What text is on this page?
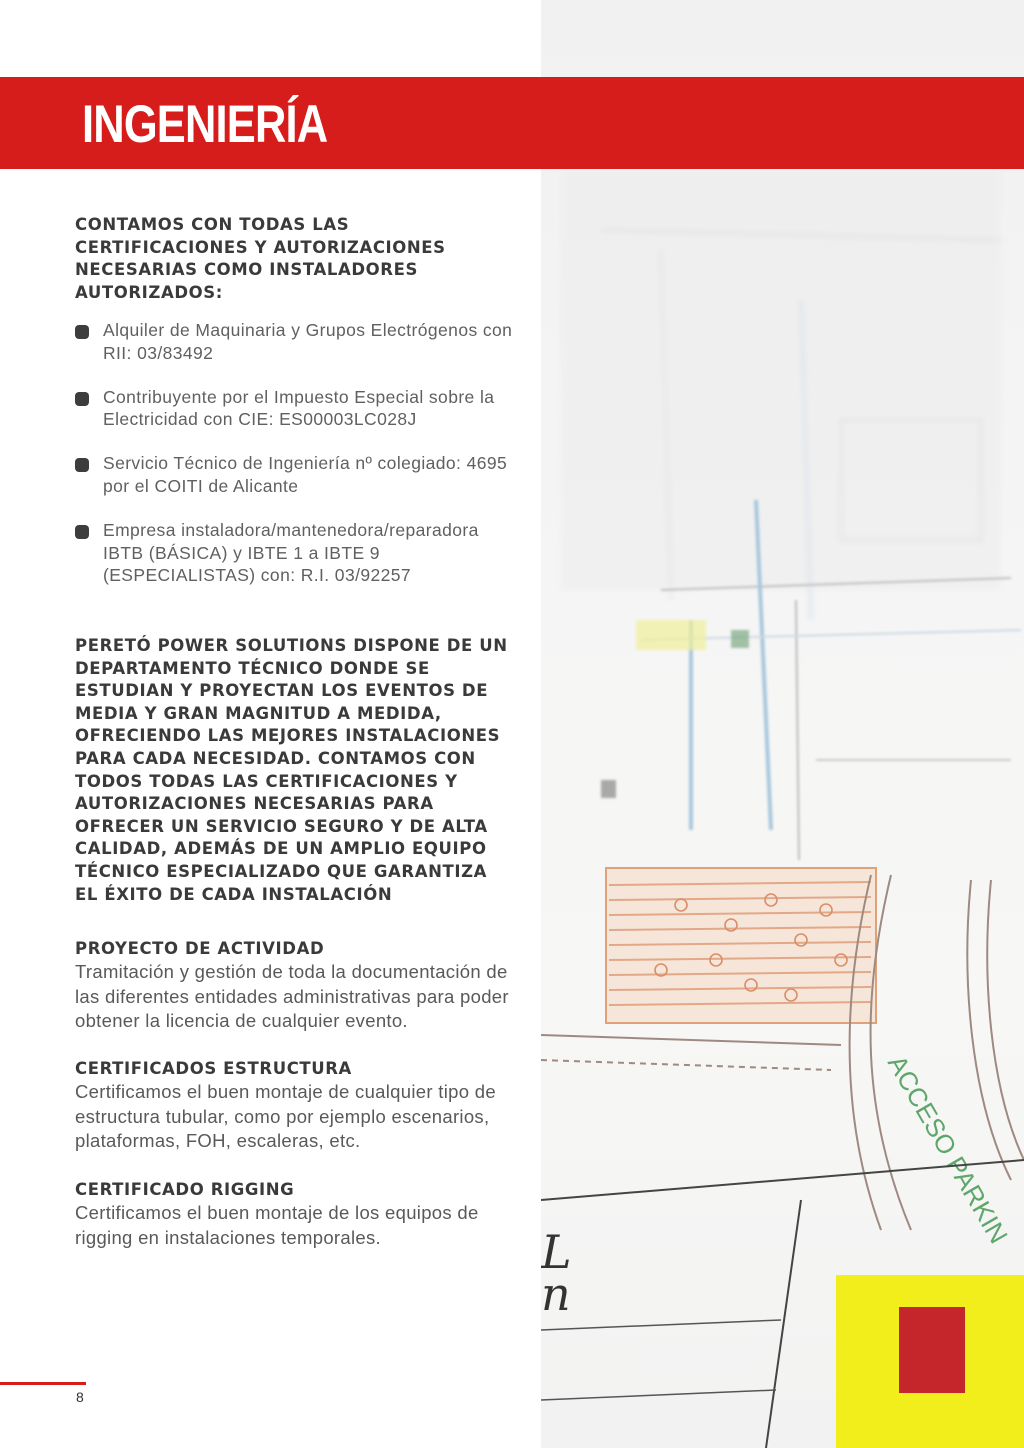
ACCESO PARKIN
L
n
INGENIERÍA

CONTAMOS CON TODAS LAS CERTIFICACIONES Y AUTORIZACIONES NECESARIAS COMO INSTALADORES AUTORIZADOS:

Alquiler de Maquinaria y Grupos Electrógenos con RII: 03/83492
Contribuyente por el Impuesto Especial sobre la Electricidad con CIE: ES00003LC028J
Servicio Técnico de Ingeniería nº colegiado: 4695 por el COITI de Alicante
Empresa instaladora/mantenedora/reparadora IBTB (BÁSICA) y IBTE 1 a IBTE 9 (ESPECIALISTAS) con: R.I. 03/92257

PERETÓ POWER SOLUTIONS DISPONE DE UN DEPARTAMENTO TÉCNICO DONDE SE ESTUDIAN Y PROYECTAN LOS EVENTOS DE MEDIA Y GRAN MAGNITUD A MEDIDA, OFRECIENDO LAS MEJORES INSTALACIONES PARA CADA NECESIDAD. CONTAMOS CON TODOS TODAS LAS CERTIFICACIONES Y AUTORIZACIONES NECESARIAS PARA OFRECER UN SERVICIO SEGURO Y DE ALTA CALIDAD, ADEMÁS DE UN AMPLIO EQUIPO TÉCNICO ESPECIALIZADO QUE GARANTIZA EL ÉXITO DE CADA INSTALACIÓN

PROYECTO DE ACTIVIDAD

Tramitación y gestión de toda la documentación de las diferentes entidades administrativas para poder obtener la licencia de cualquier evento.

CERTIFICADOS ESTRUCTURA

Certificamos el buen montaje de cualquier tipo de estructura tubular, como por ejemplo escenarios, plataformas, FOH, escaleras, etc.

CERTIFICADO RIGGING

Certificamos el buen montaje de los equipos de rigging en instalaciones temporales.

8
